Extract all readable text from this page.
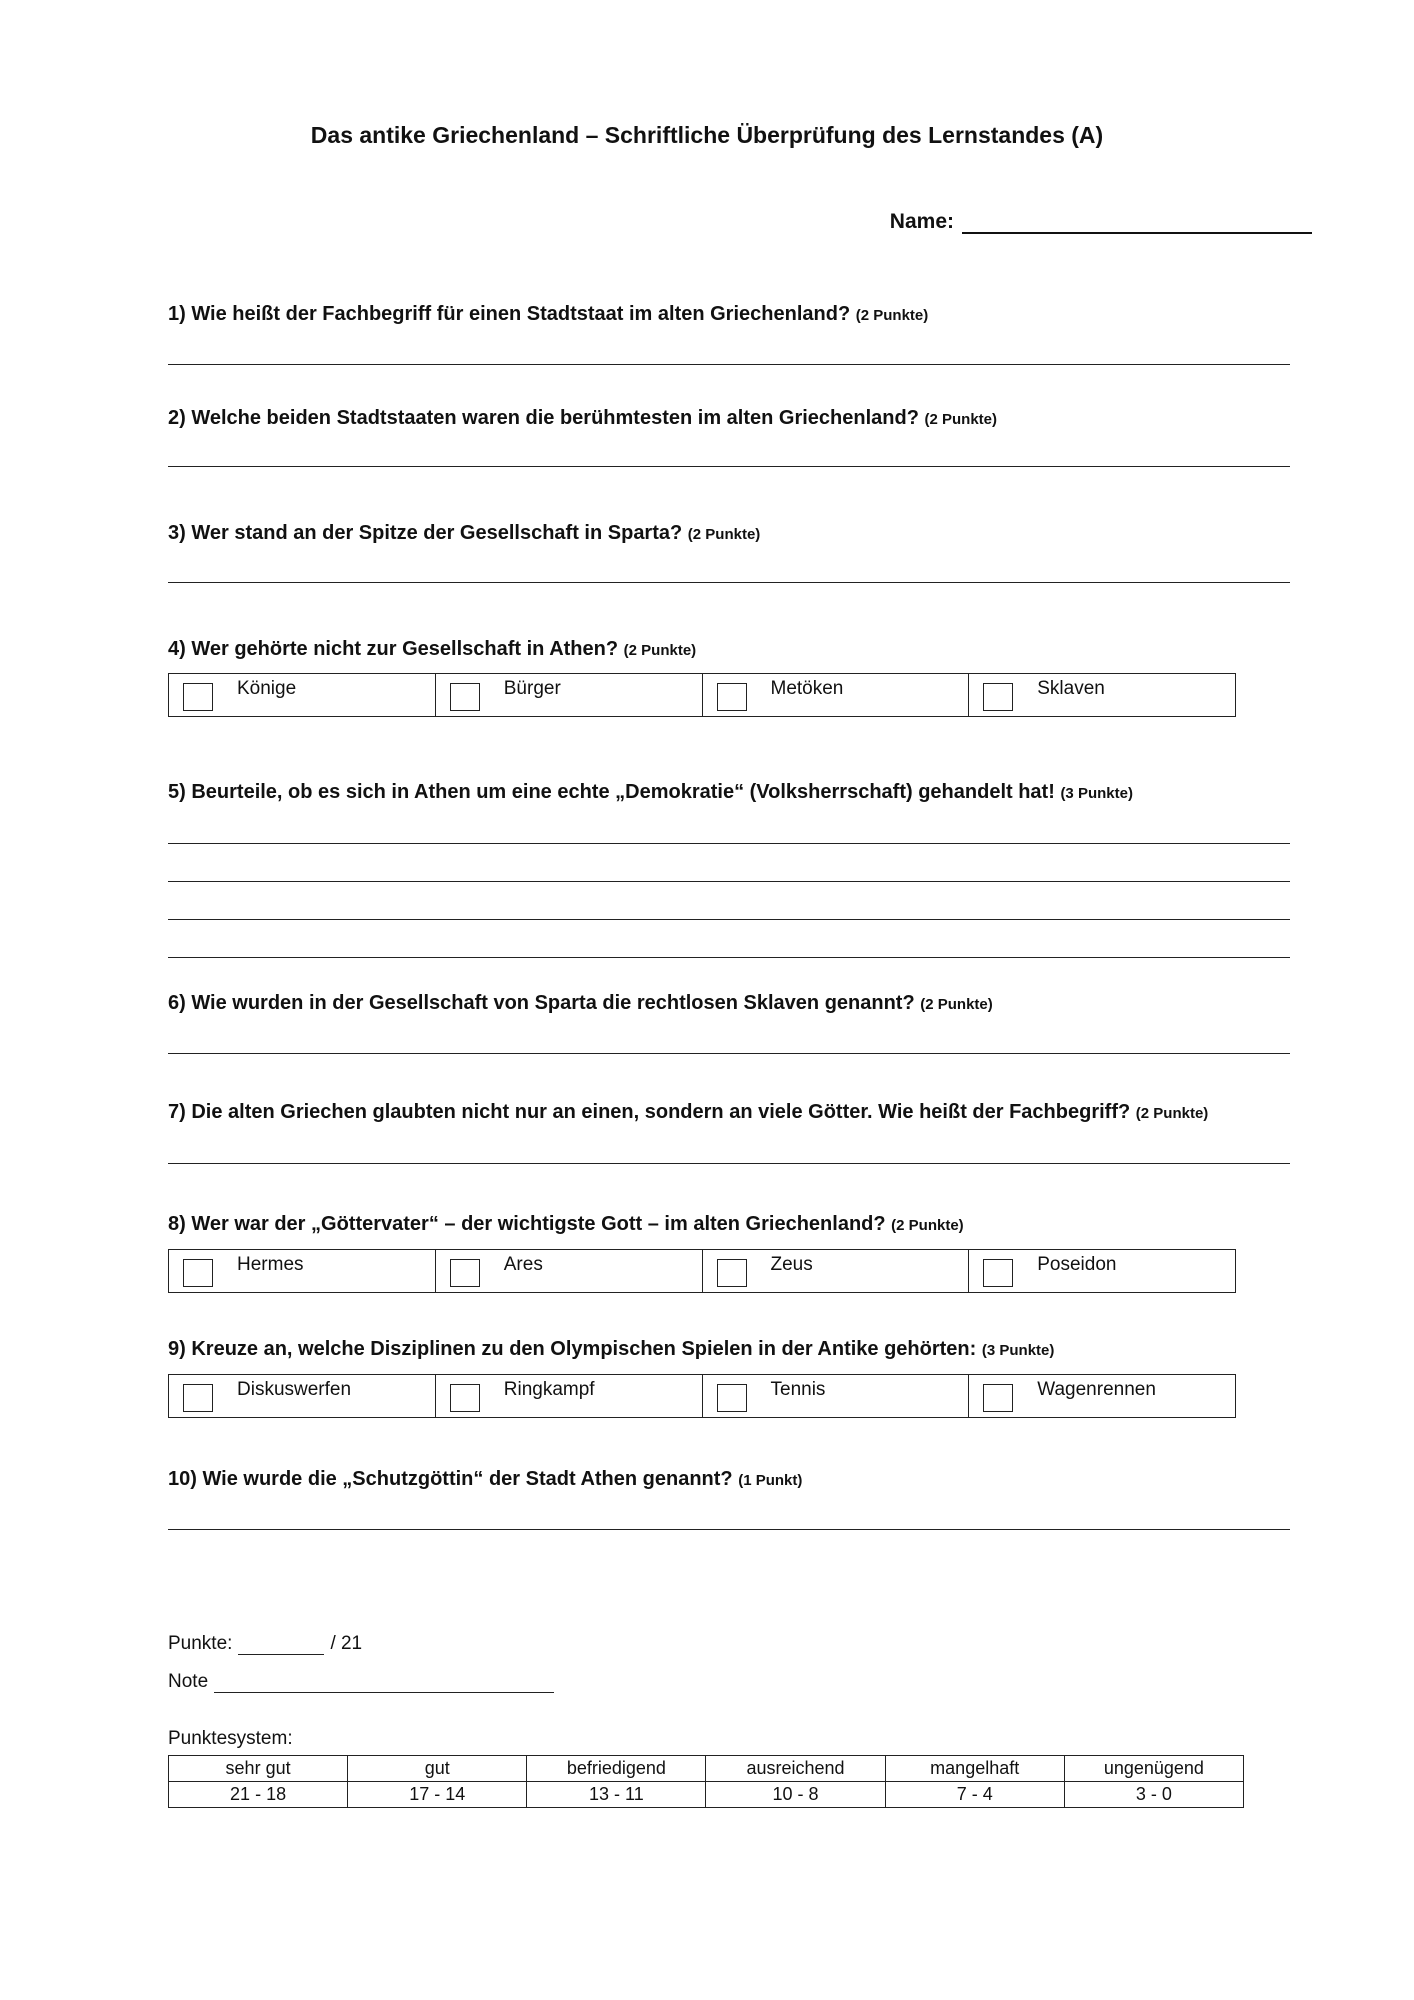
Das antike Griechenland – Schriftliche Überprüfung des Lernstandes (A)
Name:
1) Wie heißt der Fachbegriff für einen Stadtstaat im alten Griechenland? (2 Punkte)
2) Welche beiden Stadtstaaten waren die berühmtesten im alten Griechenland? (2 Punkte)
3) Wer stand an der Spitze der Gesellschaft in Sparta? (2 Punkte)
4) Wer gehörte nicht zur Gesellschaft in Athen? (2 Punkte)
Könige	Bürger	Metöken	Sklaven
5) Beurteile, ob es sich in Athen um eine echte „Demokratie“ (Volksherrschaft) gehandelt hat! (3 Punkte)
6) Wie wurden in der Gesellschaft von Sparta die rechtlosen Sklaven genannt? (2 Punkte)
7) Die alten Griechen glaubten nicht nur an einen, sondern an viele Götter. Wie heißt der Fachbegriff? (2 Punkte)
8) Wer war der „Göttervater“ – der wichtigste Gott – im alten Griechenland? (2 Punkte)
Hermes	Ares	Zeus	Poseidon
9) Kreuze an, welche Disziplinen zu den Olympischen Spielen in der Antike gehörten: (3 Punkte)
Diskuswerfen	Ringkampf	Tennis	Wagenrennen
10) Wie wurde die „Schutzgöttin“ der Stadt Athen genannt? (1 Punkt)
Punkte:	/ 21
Note
Punktesystem:
sehr gut	gut	befriedigend	ausreichend	mangelhaft	ungenügend
21 - 18	17 - 14	13 - 11	10 - 8	7 - 4	3 - 0
